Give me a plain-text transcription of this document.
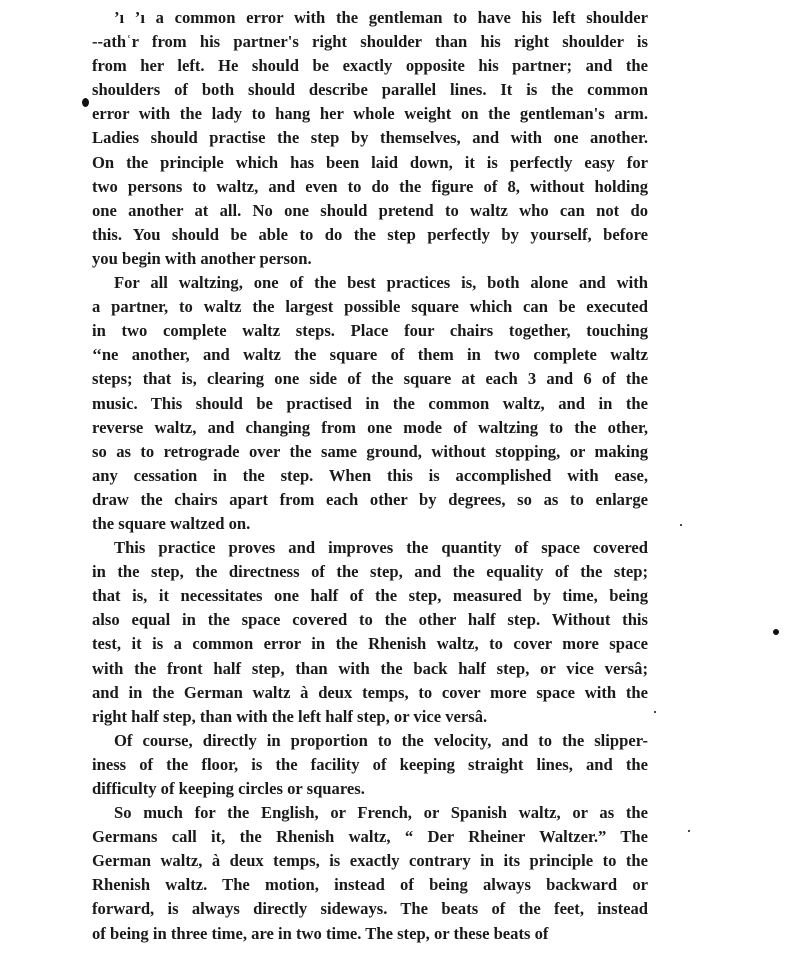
’ı ’ı a common error with the gentleman to have his left shoulder
‑‑athʿr from his partner's right shoulder than his right shoulder is
from her left. He should be exactly opposite his partner; and the
shoulders of both should describe parallel lines. It is the common
error with the lady to hang her whole weight on the gentleman's arm.
Ladies should practise the step by themselves, and with one another.
On the principle which has been laid down, it is perfectly easy for
two persons to waltz, and even to do the figure of 8, without holding
one another at all. No one should pretend to waltz who can not do
this. You should be able to do the step perfectly by yourself, before
you begin with another person.
For all waltzing, one of the best practices is, both alone and with
a partner, to waltz the largest possible square which can be executed
in two complete waltz steps. Place four chairs together, touching
‘‘ne another, and waltz the square of them in two complete waltz
steps; that is, clearing one side of the square at each 3 and 6 of the
music. This should be practised in the common waltz, and in the
reverse waltz, and changing from one mode of waltzing to the other,
so as to retrograde over the same ground, without stopping, or making
any cessation in the step. When this is accomplished with ease,
draw the chairs apart from each other by degrees, so as to enlarge
the square waltzed on.
This practice proves and improves the quantity of space covered
in the step, the directness of the step, and the equality of the step;
that is, it necessitates one half of the step, measured by time, being
also equal in the space covered to the other half step. Without this
test, it is a common error in the Rhenish waltz, to cover more space
with the front half step, than with the back half step, or vice versâ;
and in the German waltz à deux temps, to cover more space with the
right half step, than with the left half step, or vice versâ.
Of course, directly in proportion to the velocity, and to the slipper-
iness of the floor, is the facility of keeping straight lines, and the
difficulty of keeping circles or squares.
So much for the English, or French, or Spanish waltz, or as the
Germans call it, the Rhenish waltz, “ Der Rheiner Waltzer.” The
German waltz, à deux temps, is exactly contrary in its principle to the
Rhenish waltz. The motion, instead of being always backward or
forward, is always directly sideways. The beats of the feet, instead
of being in three time, are in two time. The step, or these beats of
